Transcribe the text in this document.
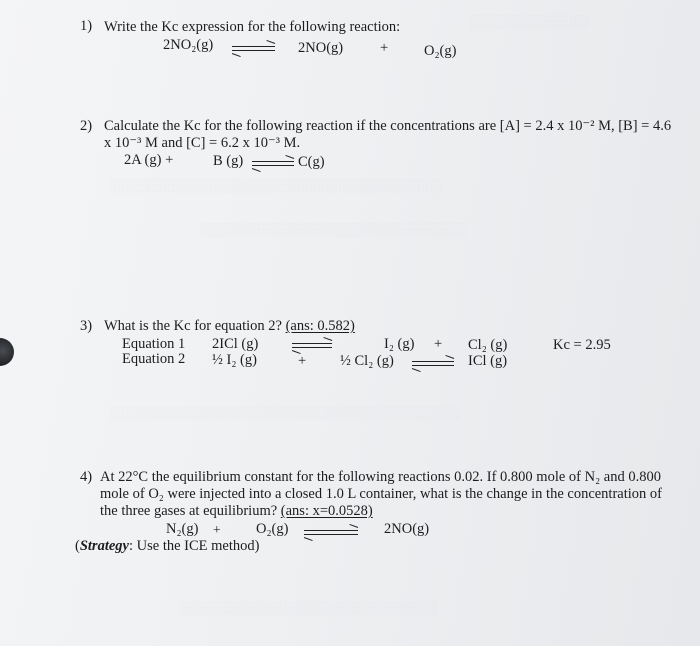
░░░░░░░░░░░░░
░░░░░░░░░░░░░░░░░░░░░░░░░░░░░░░░░░░░
░░░░░░░░░░░░░░░░░░░░░░░░░░░░░
░░░░░░░░░░░░░░░░░░░░░░░░░░░░░░░░░░░░░░
░░░░░░░░░░░░░░░░░░░░░░░░░░░░
1) Write the Kc expression for the following reaction:
2NO₂(g)	2NO(g)	+ O₂(g)
2) Calculate the Kc for the following reaction if the concentrations are [A] = 2.4 x 10⁻² M, [B] = 4.6
x 10⁻³ M and [C] = 6.2 x 10⁻³ M.
2A (g) +	B (g)	C(g)
3) What is the Kc for equation 2? (ans: 0.582)
Equation 1 2ICl (g)	I₂ (g) + Cl₂ (g)	Kc = 2.95
Equation 2 ½ I₂ (g)	+ ½ Cl₂ (g)	ICl (g)
4) At 22°C the equilibrium constant for the following reactions 0.02. If 0.800 mole of N₂ and 0.800
mole of O₂ were injected into a closed 1.0 L container, what is the change in the concentration of
the three gases at equilibrium? (ans: x=0.0528)
N₂(g) + O₂(g)	2NO(g)
(Strategy: Use the ICE method)
